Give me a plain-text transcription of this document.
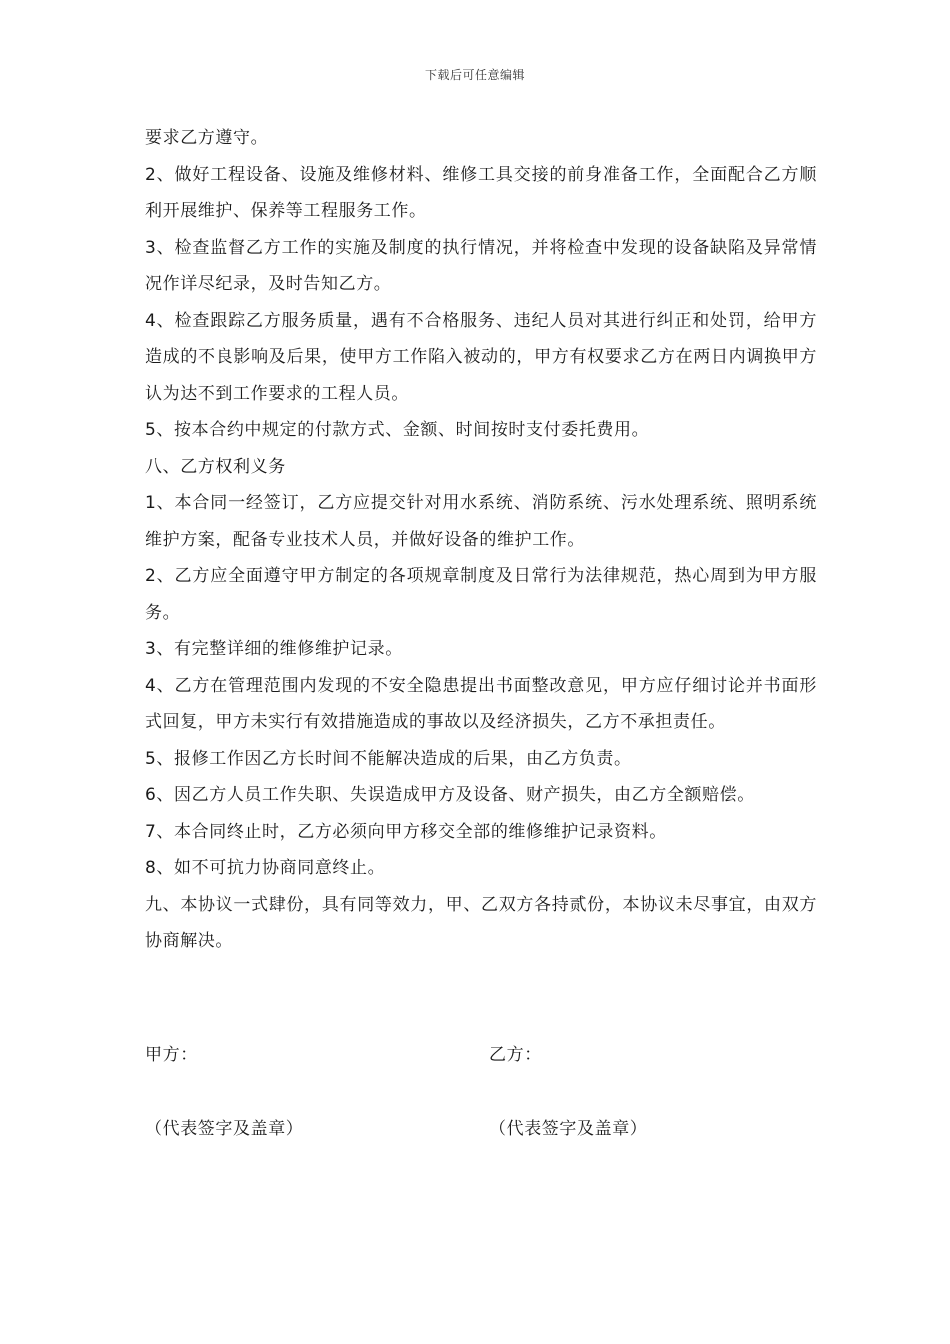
下载后可任意编辑

要求乙方遵守。

2、做好工程设备、设施及维修材料、维修工具交接的前身准备工作，全面配合乙方顺利开展维护、保养等工程服务工作。

3、检查监督乙方工作的实施及制度的执行情况，并将检查中发现的设备缺陷及异常情况作详尽纪录，及时告知乙方。

4、检查跟踪乙方服务质量，遇有不合格服务、违纪人员对其进行纠正和处罚，给甲方造成的不良影响及后果，使甲方工作陷入被动的，甲方有权要求乙方在两日内调换甲方认为达不到工作要求的工程人员。

5、按本合约中规定的付款方式、金额、时间按时支付委托费用。

八、乙方权利义务

1、本合同一经签订，乙方应提交针对用水系统、消防系统、污水处理系统、照明系统维护方案，配备专业技术人员，并做好设备的维护工作。

2、乙方应全面遵守甲方制定的各项规章制度及日常行为法律规范，热心周到为甲方服务。

3、有完整详细的维修维护记录。

4、乙方在管理范围内发现的不安全隐患提出书面整改意见，甲方应仔细讨论并书面形式回复，甲方未实行有效措施造成的事故以及经济损失，乙方不承担责任。

5、报修工作因乙方长时间不能解决造成的后果，由乙方负责。

6、因乙方人员工作失职、失误造成甲方及设备、财产损失，由乙方全额赔偿。

7、本合同终止时，乙方必须向甲方移交全部的维修维护记录资料。

8、如不可抗力协商同意终止。

九、本协议一式肆份，具有同等效力，甲、乙双方各持贰份，本协议未尽事宜，由双方协商解决。

甲方：	乙方：
（代表签字及盖章）	（代表签字及盖章）
